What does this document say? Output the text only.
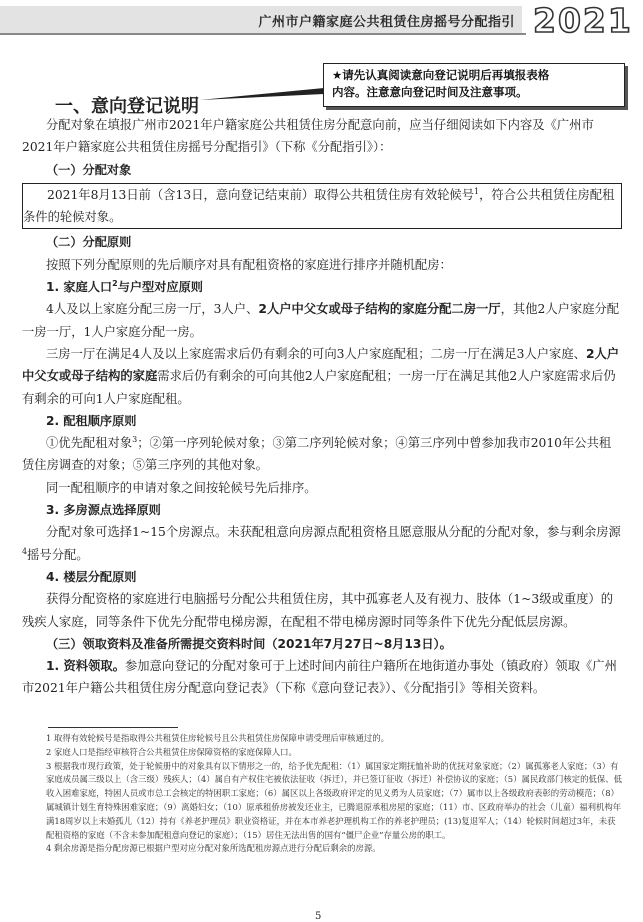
广州市户籍家庭公共租赁住房摇号分配指引 2021

★请先认真阅读意向登记说明后再填报表格
内容。注意意向登记时间及注意事项。

一、意向登记说明

分配对象在填报广州市2021年户籍家庭公共租赁住房分配意向前，应当仔细阅读如下内容及《广州市2021年户籍家庭公共租赁住房摇号分配指引》（下称《分配指引》）：

（一）分配对象

2021年8月13日前（含13日，意向登记结束前）取得公共租赁住房有效轮候号$^1$，符合公共租赁住房配租条件的轮候对象。

（二）分配原则

按照下列分配原则的先后顺序对具有配租资格的家庭进行排序并随机配房：

1. 家庭人口$^2$与户型对应原则

4人及以上家庭分配三房一厅，3人户、2人户中父女或母子结构的家庭分配二房一厅，其他2人户家庭分配一房一厅，1人户家庭分配一房。

三房一厅在满足4人及以上家庭需求后仍有剩余的可向3人户家庭配租；二房一厅在满足3人户家庭、2人户中父女或母子结构的家庭需求后仍有剩余的可向其他2人户家庭配租；一房一厅在满足其他2人户家庭需求后仍有剩余的可向1人户家庭配租。

2. 配租顺序原则

①优先配租对象$^3$；②第一序列轮候对象；③第二序列轮候对象；④第三序列中曾参加我市2010年公共租赁住房调查的对象；⑤第三序列的其他对象。

同一配租顺序的申请对象之间按轮候号先后排序。

3. 多房源点选择原则

分配对象可选择1~15个房源点。未获配租意向房源点配租资格且愿意服从分配的分配对象，参与剩余房源$^4$摇号分配。

4. 楼层分配原则

获得分配资格的家庭进行电脑摇号分配公共租赁住房，其中孤寡老人及有视力、肢体（1~3级或重度）的残疾人家庭，同等条件下优先分配带电梯房源，在配租不带电梯房源时同等条件下优先分配低层房源。

（三）领取资料及准备所需提交资料时间（2021年7月27日~8月13日）。

1. 资料领取。参加意向登记的分配对象可于上述时间内前往户籍所在地街道办事处（镇政府）领取《广州市2021年户籍公共租赁住房分配意向登记表》（下称《意向登记表》）、《分配指引》等相关资料。

1 取得有效轮候号是指取得公共租赁住房轮候号且公共租赁住房保障申请受理后审核通过的。

2 家庭人口是指经审核符合公共租赁住房保障资格的家庭保障人口。

3 根据我市现行政策，处于轮候册中的对象具有以下情形之一的，给予优先配租：（1）属国家定期抚恤补助的优抚对象家庭；（2）属孤寡老人家庭；（3）有家庭成员属三级以上（含三级）残疾人；（4）属自有产权住宅被依法征收（拆迁），并已签订征收（拆迁）补偿协议的家庭；（5）属民政部门核定的低保、低收入困难家庭，特困人员或市总工会核定的特困职工家庭；（6）属区以上各级政府评定的见义勇为人员家庭；（7）属市以上各级政府表彰的劳动模范；（8）属城镇计划生育特殊困难家庭；（9）离婚妇女；（10）原承租侨房被发还业主，已腾退原承租房屋的家庭；（11）市、区政府举办的社会（儿童）福利机构年满18周岁以上未婚孤儿（12）持有《养老护理员》职业资格证，并在本市养老护理机构工作的养老护理员；(13)复退军人；（14）轮候时间超过3年，未获配租资格的家庭（不含未参加配租意向登记的家庭）；（15）居住无法出售的国有“僵尸企业”存量公房的职工。

4 剩余房源是指分配房源已根据户型对应分配对象所选配租房源点进行分配后剩余的房源。

5
